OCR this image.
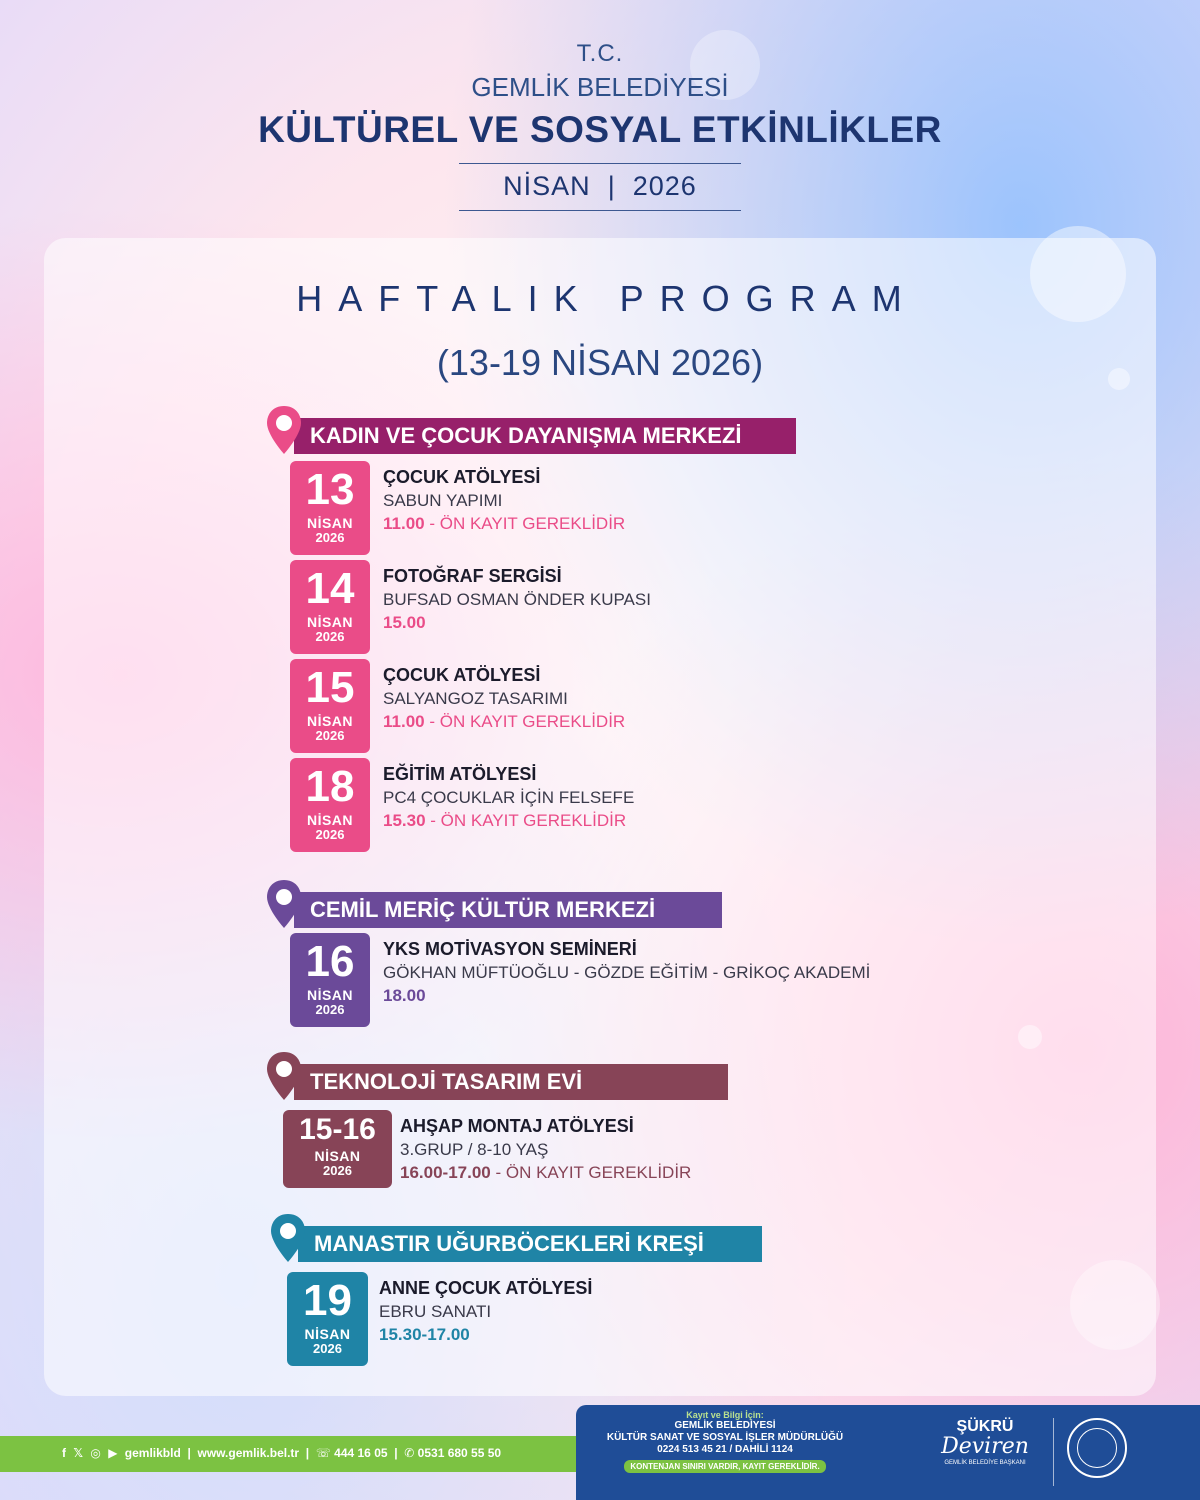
T.C.
GEMLİK BELEDİYESİ
KÜLTÜREL VE SOSYAL ETKİNLİKLER
NİSAN  |  2026
HAFTALIK PROGRAM
(13-19 NİSAN 2026)
KADIN VE ÇOCUK DAYANIŞMA MERKEZİ
13
NİSAN
2026
ÇOCUK ATÖLYESİ
SABUN YAPIMI
11.00 - ÖN KAYIT GEREKLİDİR
14
NİSAN
2026
FOTOĞRAF SERGİSİ
BUFSAD OSMAN ÖNDER KUPASI
15.00
15
NİSAN
2026
ÇOCUK ATÖLYESİ
SALYANGOZ TASARIMI
11.00 - ÖN KAYIT GEREKLİDİR
18
NİSAN
2026
EĞİTİM ATÖLYESİ
PC4 ÇOCUKLAR İÇİN FELSEFE
15.30 - ÖN KAYIT GEREKLİDİR
CEMİL MERİÇ KÜLTÜR MERKEZİ
16
NİSAN
2026
YKS MOTİVASYON SEMİNERİ
GÖKHAN MÜFTÜOĞLU - GÖZDE EĞİTİM - GRİKOÇ AKADEMİ
18.00
TEKNOLOJİ TASARIM EVİ
15-16
NİSAN
2026
AHŞAP MONTAJ ATÖLYESİ
3.GRUP / 8-10 YAŞ
16.00-17.00 - ÖN KAYIT GEREKLİDİR
MANASTIR UĞURBÖCEKLERİ KREŞİ
19
NİSAN
2026
ANNE ÇOCUK ATÖLYESİ
EBRU SANATI
15.30-17.00
f 𝕏 ◎ ▶ gemlikbld  |  www.gemlik.bel.tr  |  ☏ 444 16 05  |  ✆ 0531 680 55 50
Kayıt ve Bilgi İçin:
GEMLİK BELEDİYESİ
KÜLTÜR SANAT VE SOSYAL İŞLER MÜDÜRLÜĞÜ
0224 513 45 21 / DAHİLİ 1124
KONTENJAN SINIRI VARDIR, KAYIT GEREKLİDİR.
ŞÜKRÜ
Deviren
GEMLİK BELEDİYE BAŞKANI
